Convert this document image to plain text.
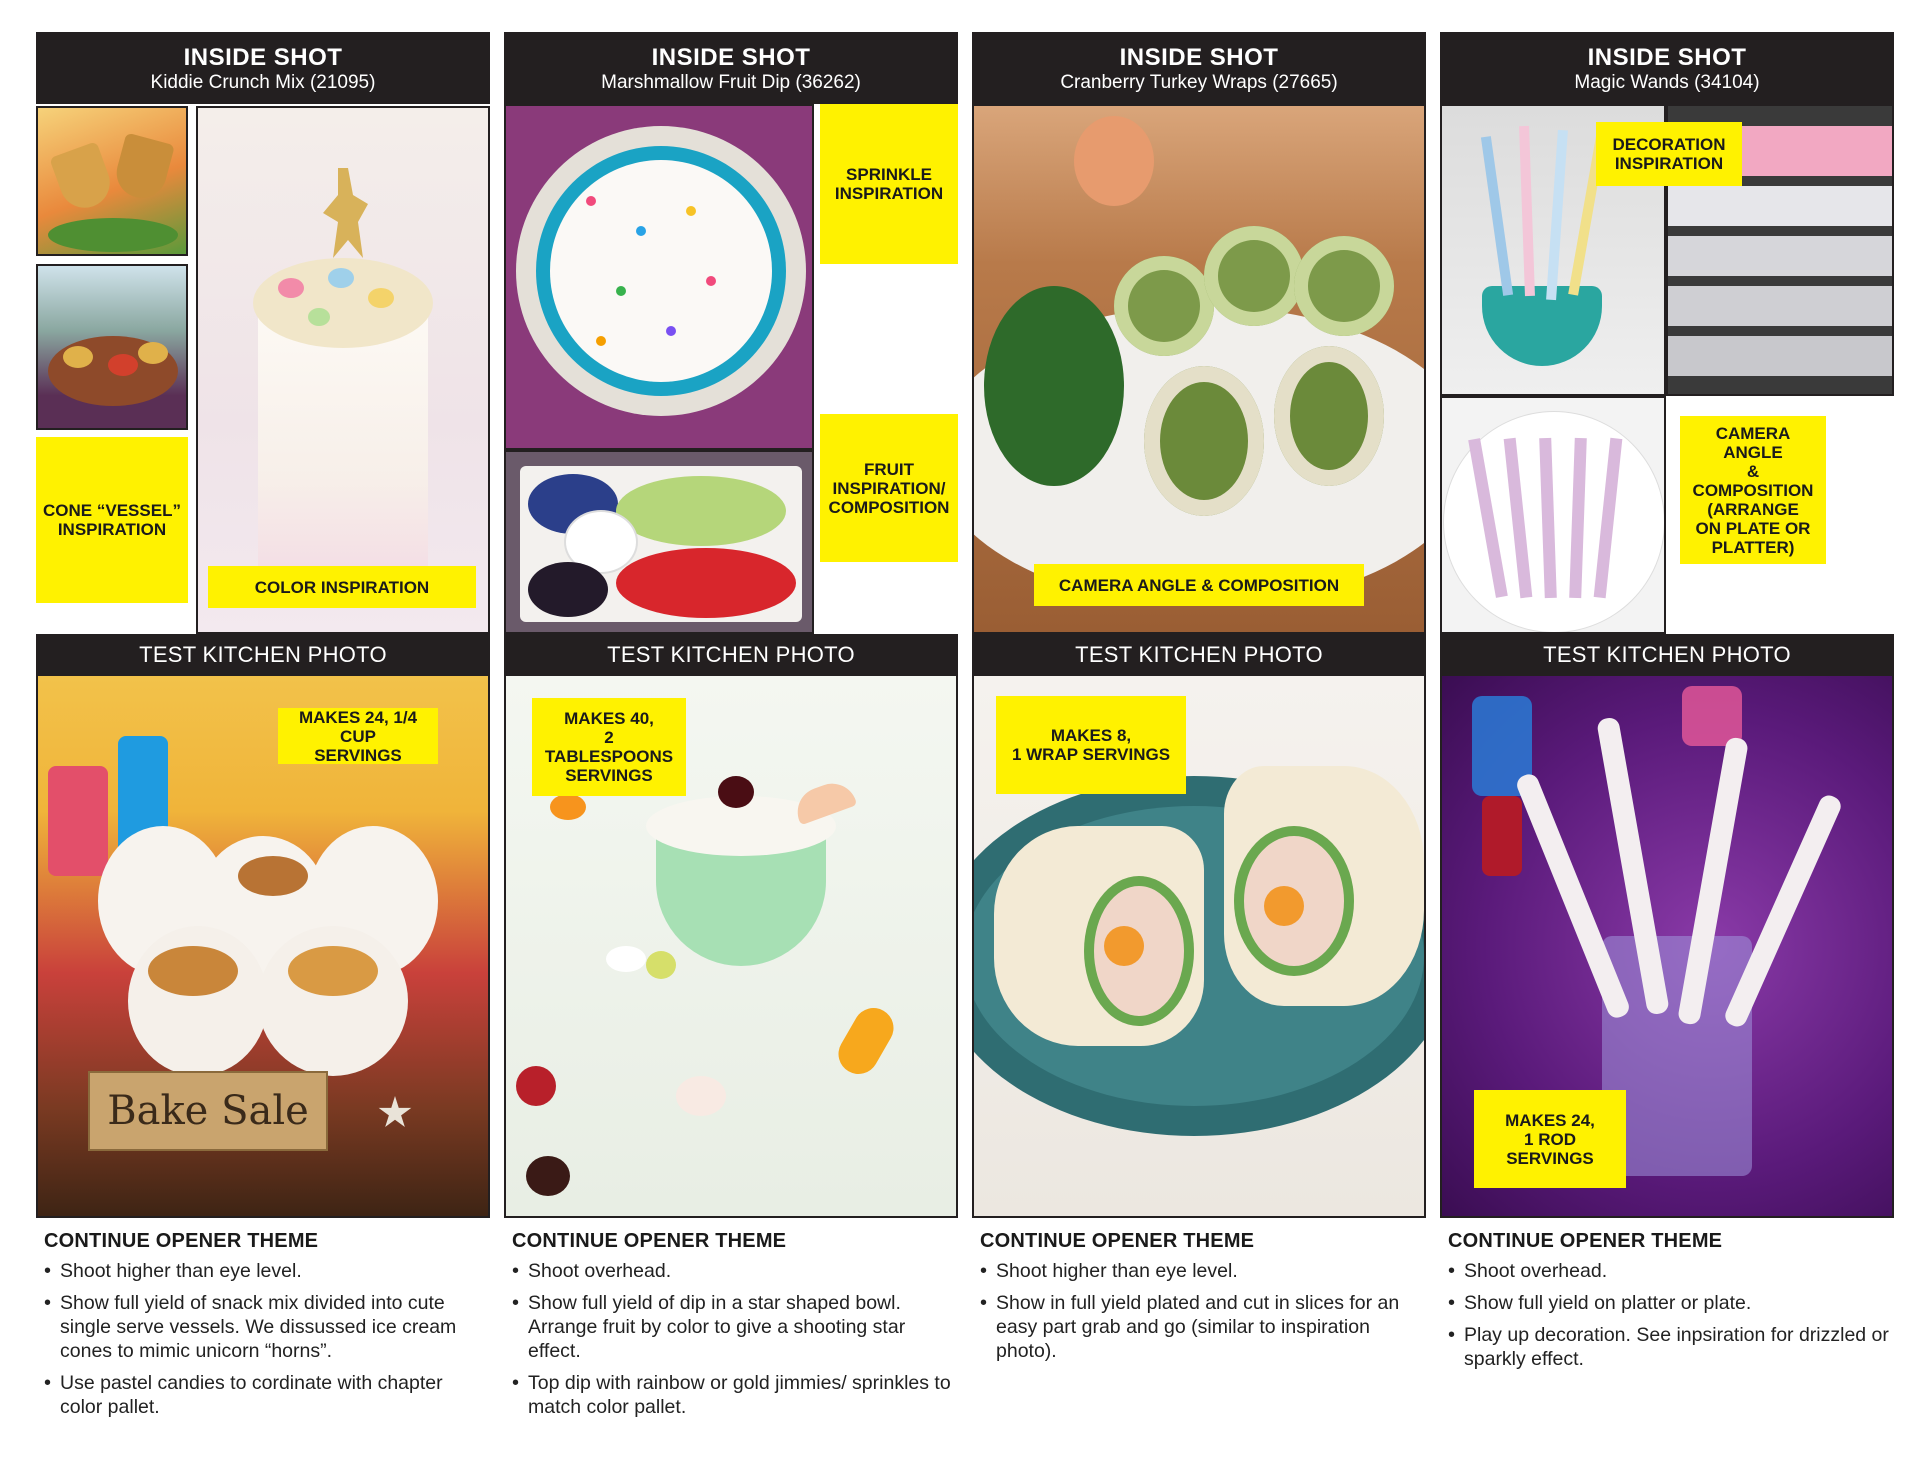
INSIDE SHOT
Kiddie Crunch Mix (21095)
CONE “VESSEL”
INSPIRATION
COLOR INSPIRATION
TEST KITCHEN PHOTO
Bake Sale
MAKES 24, 1/4 CUP
SERVINGS
CONTINUE OPENER THEME
• Shoot higher than eye level.
• Show full yield of snack mix divided into cute single serve vessels. We dissussed ice cream cones to mimic unicorn “horns”.
• Use pastel candies to cordinate with chapter color pallet.
INSIDE SHOT
Marshmallow Fruit Dip (36262)
SPRINKLE
INSPIRATION
FRUIT
INSPIRATION/
COMPOSITION
TEST KITCHEN PHOTO
MAKES 40,
2 TABLESPOONS
SERVINGS
CONTINUE OPENER THEME
• Shoot overhead.
• Show full yield of dip in a star shaped bowl. Arrange fruit by color to give a shooting star effect.
• Top dip with rainbow or gold jimmies/ sprinkles to match color pallet.
INSIDE SHOT
Cranberry Turkey Wraps (27665)
CAMERA ANGLE & COMPOSITION
TEST KITCHEN PHOTO
MAKES 8,
1 WRAP SERVINGS
CONTINUE OPENER THEME
• Shoot higher than eye level.
• Show in full yield plated and cut in slices for an easy part grab and go (similar to inspiration photo).
INSIDE SHOT
Magic Wands (34104)
DECORATION
INSPIRATION
CAMERA ANGLE
& COMPOSITION
(ARRANGE
ON PLATE OR
PLATTER)
TEST KITCHEN PHOTO
MAKES 24,
1 ROD SERVINGS
CONTINUE OPENER THEME
• Shoot overhead.
• Show full yield on platter or plate.
• Play up decoration. See inpsiration for drizzled or sparkly effect.
